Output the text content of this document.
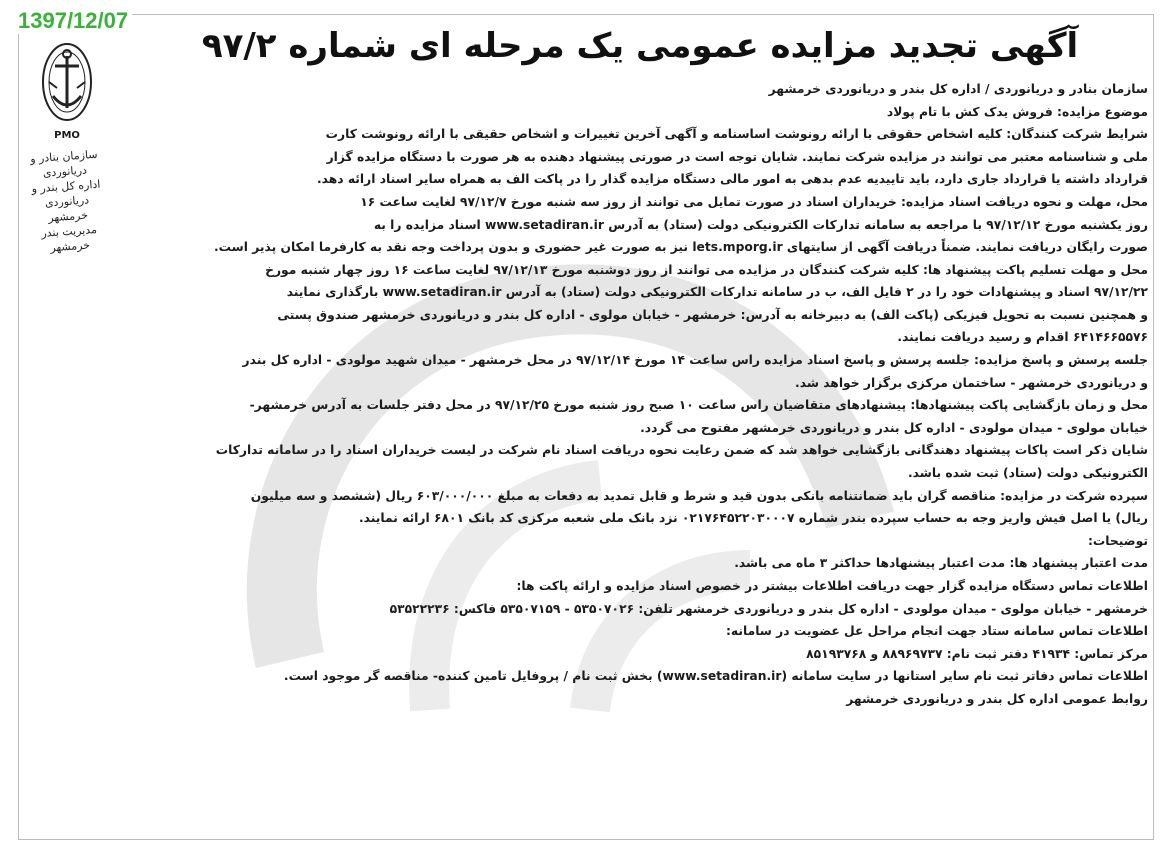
1397/12/07
PMO
سازمان بنادر و دریانوردی
اداره کل بندر و دریانوردی خرمشهر
مدیریت بندر خرمشهر
آگهی تجدید مزایده عمومی یک مرحله ای شماره ۹۷/۲

سازمان بنادر و دریانوردی / اداره کل بندر و دریانوردی خرمشهر

موضوع مزایده: فروش یدک کش با تام پولاد

شرایط شرکت کنندگان: کلیه اشخاص حقوقی با ارائه رونوشت اساسنامه و آگهی آخرین تغییرات و اشخاص حقیقی با ارائه رونوشت کارت

ملی و شناسنامه معتبر می توانند در مزایده شرکت نمایند. شایان توجه است در صورتی پیشنهاد دهنده به هر صورت با دستگاه مزایده گزار

قرارداد داشته یا قرارداد جاری دارد، باید تاییدیه عدم بدهی به امور مالی دستگاه مزایده گذار را در پاکت الف به همراه سایر اسناد ارائه دهد.

محل، مهلت و نحوه دریافت اسناد مزایده: خریداران اسناد در صورت تمایل می توانند از روز سه شنبه مورخ ۹۷/۱۲/۷ لغایت ساعت ۱۶

روز یکشنبه مورخ ۹۷/۱۲/۱۲ با مراجعه به سامانه تدارکات الکترونیکی دولت (ستاد) به آدرس www.setadiran.ir اسناد مزایده را به

صورت رایگان دریافت نمایند. ضمناً دریافت آگهی از سایتهای lets.mporg.ir نیز به صورت غیر حضوری و بدون پرداخت وجه نقد به کارفرما امکان پذیر است.

محل و مهلت تسلیم پاکت پیشنهاد ها: کلیه شرکت کنندگان در مزایده می توانند از روز دوشنبه مورخ ۹۷/۱۲/۱۳ لغایت ساعت ۱۶ روز چهار شنبه مورخ

۹۷/۱۲/۲۲ اسناد و پیشنهادات خود را در ۲ فایل الف، ب در سامانه تدارکات الکترونیکی دولت (ستاد) به آدرس www.setadiran.ir بارگذاری نمایند

و همچنین نسبت به تحویل فیزیکی (پاکت الف) به دبیرخانه به آدرس: خرمشهر - خیابان مولوی - اداره کل بندر و دریانوردی خرمشهر صندوق پستی

۶۴۱۴۶۶۵۵۷۶ اقدام و رسید دریافت نمایند.

جلسه پرسش و پاسخ مزایده: جلسه پرسش و پاسخ اسناد مزایده راس ساعت ۱۴ مورخ ۹۷/۱۲/۱۴ در محل خرمشهر - میدان شهید مولودی - اداره کل بندر

و دریانوردی خرمشهر - ساختمان مرکزی برگزار خواهد شد.

محل و زمان بازگشایی پاکت پیشنهادها: پیشنهادهای متقاضیان راس ساعت ۱۰ صبح روز شنبه مورخ ۹۷/۱۲/۲۵ در محل دفتر جلسات به آدرس خرمشهر-

خیابان مولوی - میدان مولودی - اداره کل بندر و دریانوردی خرمشهر مفتوح می گردد.

شایان ذکر است پاکات پیشنهاد دهندگانی بازگشایی خواهد شد که ضمن رعایت نحوه دریافت اسناد نام شرکت در لیست خریداران اسناد را در سامانه تدارکات

الکترونیکی دولت (ستاد) ثبت شده باشد.

سپرده شرکت در مزایده: مناقصه گران باید ضمانتنامه بانکی بدون قید و شرط و قابل تمدید به دفعات به مبلغ ۶۰۳/۰۰۰/۰۰۰ ریال (ششصد و سه میلیون

ریال) یا اصل فیش واریز وجه به حساب سپرده بندر شماره ۰۲۱۷۶۴۵۲۲۰۳۰۰۰۷ نزد بانک ملی شعبه مرکزی کد بانک ۶۸۰۱ ارائه نمایند.

توضیحات:

مدت اعتبار پیشنهاد ها: مدت اعتبار پیشنهادها حداکثر ۳ ماه می باشد.

اطلاعات تماس دستگاه مزایده گزار جهت دریافت اطلاعات بیشتر در خصوص اسناد مزایده و ارائه پاکت ها:

خرمشهر - خیابان مولوی - میدان مولودی - اداره کل بندر و دریانوردی خرمشهر تلفن: ۵۳۵۰۷۰۲۶ - ۵۳۵۰۷۱۵۹ فاکس: ۵۳۵۲۲۲۳۶

اطلاعات تماس سامانه ستاد جهت انجام مراحل عل عضویت در سامانه:

مرکز تماس: ۴۱۹۳۴ دفتر ثبت نام: ۸۸۹۶۹۷۳۷ و ۸۵۱۹۳۷۶۸

اطلاعات تماس دفاتر ثبت نام سایر استانها در سایت سامانه (www.setadiran.ir) بخش ثبت نام / پروفایل تامین کننده- مناقصه گر موجود است.

روابط عمومی اداره کل بندر و دریانوردی خرمشهر
